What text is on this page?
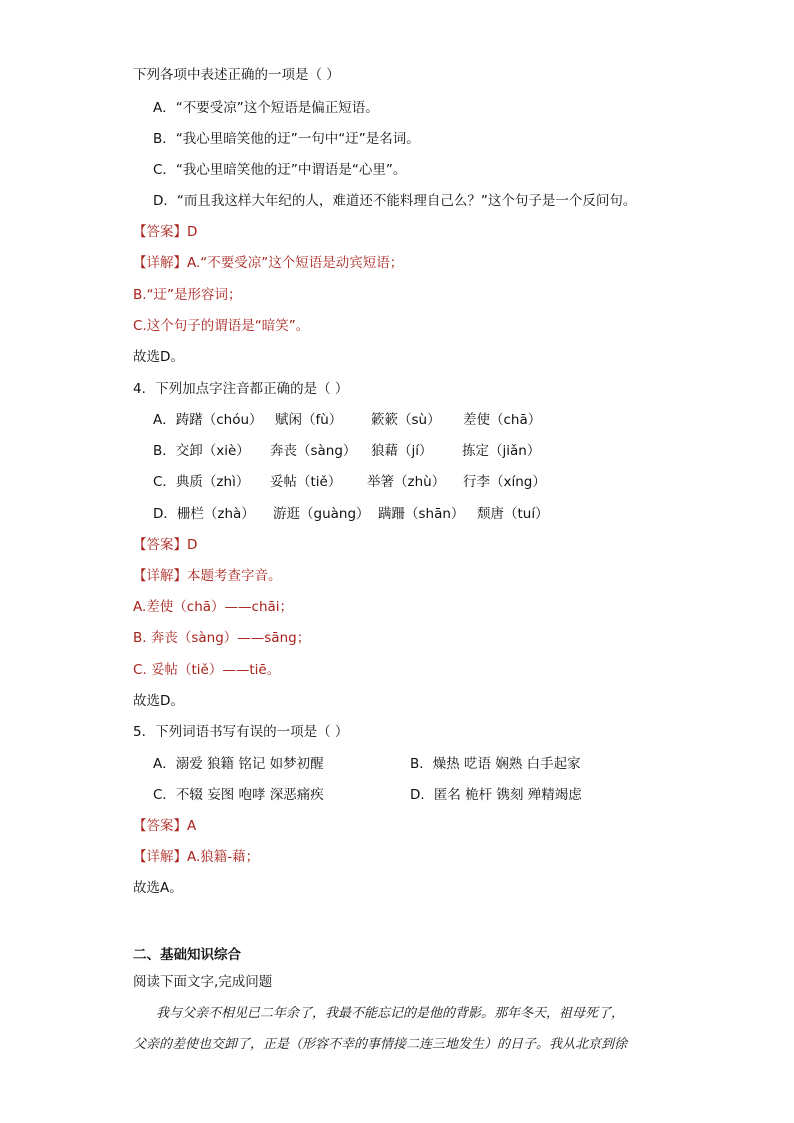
下列各项中表述正确的一项是（ ）
A．“不要受凉”这个短语是偏正短语。
B．“我心里暗笑他的迂”一句中“迂”是名词。
C．“我心里暗笑他的迂”中谓语是“心里”。
D．“而且我这样大年纪的人，难道还不能料理自己么？”这个句子是一个反问句。
【答案】D
【详解】A.“不要受凉”这个短语是动宾短语；
B.“迂”是形容词；
C.这个句子的谓语是“暗笑”。
故选D。
4．下列加点字注音都正确的是（ ）
A．踌躇（chóu） 赋闲（fù） 簌簌（sù） 差使（chā）
B．交卸（xiè） 奔丧（sàng） 狼藉（jí） 拣定（jiǎn）
C．典质（zhì） 妥帖（tiě） 举箸（zhù） 行李（xíng）
D．栅栏（zhà） 游逛（guàng） 蹒跚（shān） 颓唐（tuí）
【答案】D
【详解】本题考查字音。
A.差使（chā）——chāi；
B. 奔丧（sàng）——sāng；
C. 妥帖（tiě）——tiē。
故选D。
5．下列词语书写有误的一项是（ ）
A．溺爱 狼籍 铭记 如梦初醒	B．燥热 呓语 娴熟 白手起家
C．不辍 妄图 咆哮 深恶痛疾	D．匿名 桅杆 镌刻 殚精竭虑
【答案】A
【详解】A.狼籍-藉；
故选A。
二、基础知识综合
阅读下面文字,完成问题
我与父亲不相见已二年余了，我最不能忘记的是他的背影。那年冬天，祖母死了，
父亲的差使也交卸了，正是（形容不幸的事情接二连三地发生）的日子。我从北京到徐
